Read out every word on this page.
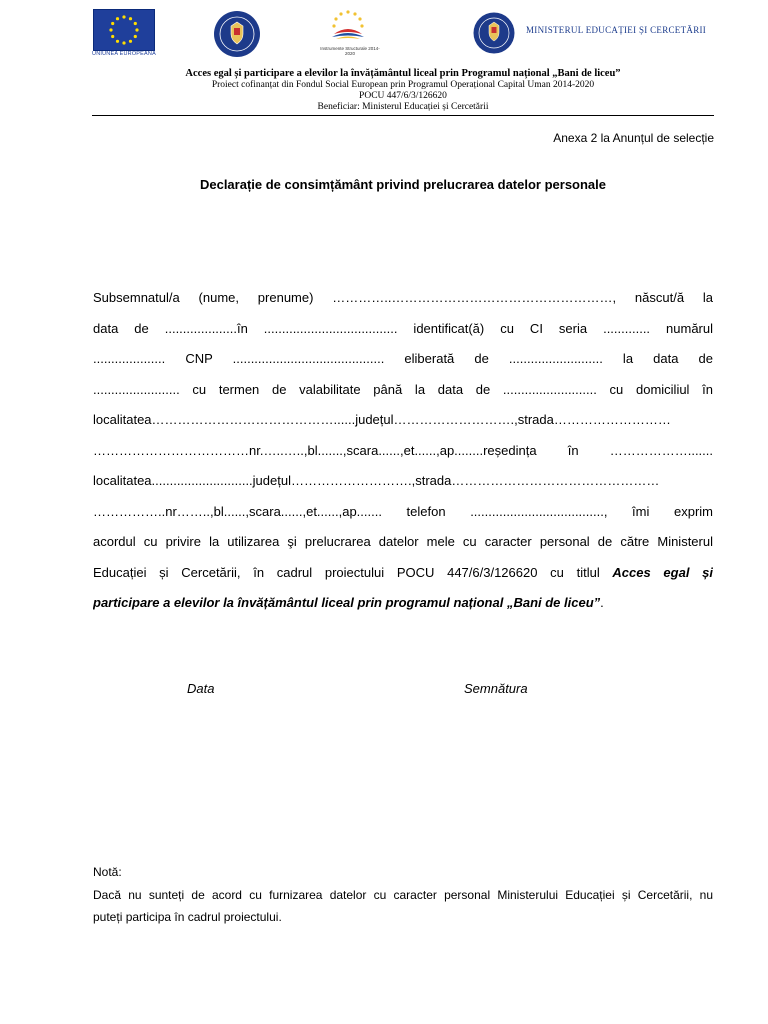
UNIUNEA EUROPEANĂ
Instrumente Structurale 2014-2020
MINISTERUL EDUCAȚIEI ȘI CERCETĂRII
Acces egal și participare a elevilor la învățământul liceal prin Programul național „Bani de liceu”
Proiect cofinanțat din Fondul Social European prin Programul Operațional Capital Uman 2014-2020
POCU 447/6/3/126620
Beneficiar: Ministerul Educației și Cercetării
Anexa 2 la Anunțul de selecție
Declarație de consimțământ privind prelucrarea datelor personale
Subsemnatul/a (nume, prenume) …………..……………………………………………, născut/ă la
data de ....................în ..................................... identificat(ă) cu CI seria ............. numărul
.................... CNP .......................................... eliberată de .......................... la data de
........................ cu termen de valabilitate până la data de .......................... cu domiciliul în
localitatea……………………………………......județul……………………….,strada………………………
………………………………nr.…..…..,bl.......,scara......,et......,ap........reședința în ……………….......
localitatea............................județul……………………….,strada…………………………………………
……………..nr……..,bl......,scara......,et......,ap....... telefon ....................................., îmi exprim
acordul cu privire la utilizarea şi prelucrarea datelor mele cu caracter personal de către Ministerul
Educației și Cercetării, în cadrul proiectului POCU 447/6/3/126620 cu titlul Acces egal și
participare a elevilor la învățământul liceal prin programul național „Bani de liceu”.
Data	Semnătura
Notă:
Dacă nu sunteți de acord cu furnizarea datelor cu caracter personal Ministerului Educației și Cercetării, nu
puteți participa în cadrul proiectului.
